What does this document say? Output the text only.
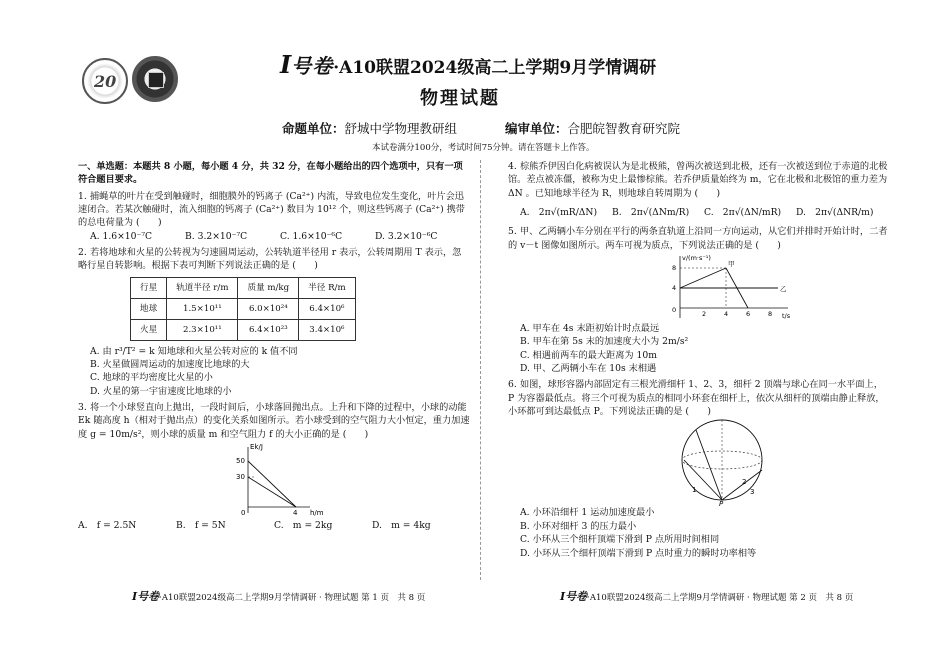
20
I号卷·A10联盟2024级高二上学期9月学情调研
物理试题
命题单位：舒城中学物理教研组	编审单位：合肥皖智教育研究院
本试卷满分100分，考试时间75分钟。请在答题卡上作答。
一、单选题：本题共 8 小题，每小题 4 分，共 32 分，在每小题给出的四个选项中，只有一项符合题目要求。
1. 捕蝇草的叶片在受到触碰时，细胞膜外的钙离子 (Ca²⁺) 内流，导致电位发生变化，叶片会迅速闭合。若某次触碰时，流入细胞的钙离子 (Ca²⁺) 数目为 10¹² 个，则这些钙离子 (Ca²⁺) 携带的总电荷量为 (　　)
A. 1.6×10⁻⁷C	B. 3.2×10⁻⁷C	C. 1.6×10⁻⁶C	D. 3.2×10⁻⁶C
2. 若将地球和火星的公转视为匀速圆周运动，公转轨道半径用 r 表示，公转周期用 T 表示，忽略行星自转影响。根据下表可判断下列说法正确的是 (　　)
行星	轨道半径 r/m	质量 m/kg	半径 R/m
地球	1.5×10¹¹	6.0×10²⁴	6.4×10⁶
火星	2.3×10¹¹	6.4×10²³	3.4×10⁶
A. 由 r³/T² = k 知地球和火星公转对应的 k 值不同
B. 火星做圆周运动的加速度比地球的大
C. 地球的平均密度比火星的小
D. 火星的第一宇宙速度比地球的小
3. 将一个小球竖直向上抛出，一段时间后，小球落回抛出点。上升和下降的过程中，小球的动能 Ek 随高度 h（相对于抛出点）的变化关系如图所示。若小球受到的空气阻力大小恒定，重力加速度 g = 10m/s²，则小球的质量 m 和空气阻力 f 的大小正确的是 (　　)
Ek/J
h/m
50
30
0	4
A.　f = 2.5N	B.　f = 5N	C.　m = 2kg	D.　m = 4kg
4. 棕熊乔伊因白化病被误认为是北极熊，曾两次被送到北极，还有一次被送到位于赤道的北极馆。差点被冻僵，被称为史上最惨棕熊。若乔伊质量始终为 m，它在北极和北极馆的重力差为 ΔN 。已知地球半径为 R，则地球自转周期为 (　　)
A.　2π√(mR/ΔN)	B.　2π√(ΔNm/R)	C.　2π√(ΔN/mR)	D.　2π√(ΔNR/m)
5. 甲、乙两辆小车分别在平行的两条直轨道上沿同一方向运动，从它们并排时开始计时，二者的 v－t 图像如图所示。两车可视为质点，下列说法正确的是 (　　)
v/(m·s⁻¹)
t/s
8
4
0	2	4	6	8
甲
乙
A. 甲车在 4s 末距初始计时点最远
B. 甲车在第 5s 末的加速度大小为 2m/s²
C. 相遇前两车的最大距离为 10m
D. 甲、乙两辆小车在 10s 末相遇
6. 如图，球形容器内部固定有三根光滑细杆 1、2、3，细杆 2 顶端与球心在同一水平面上，P 为容器最低点。将三个可视为质点的相同小环套在细杆上，依次从细杆的顶端由静止释放，小环都可到达最低点 P。下列说法正确的是 (　　)
1
2
3
P
A. 小环沿细杆 1 运动加速度最小
B. 小环对细杆 3 的压力最小
C. 小环从三个细杆顶端下滑到 P 点所用时间相同
D. 小环从三个细杆顶端下滑到 P 点时重力的瞬时功率相等
I号卷·A10联盟2024级高二上学期9月学情调研 · 物理试题 第 1 页　共 8 页	I号卷·A10联盟2024级高二上学期9月学情调研 · 物理试题 第 2 页　共 8 页
